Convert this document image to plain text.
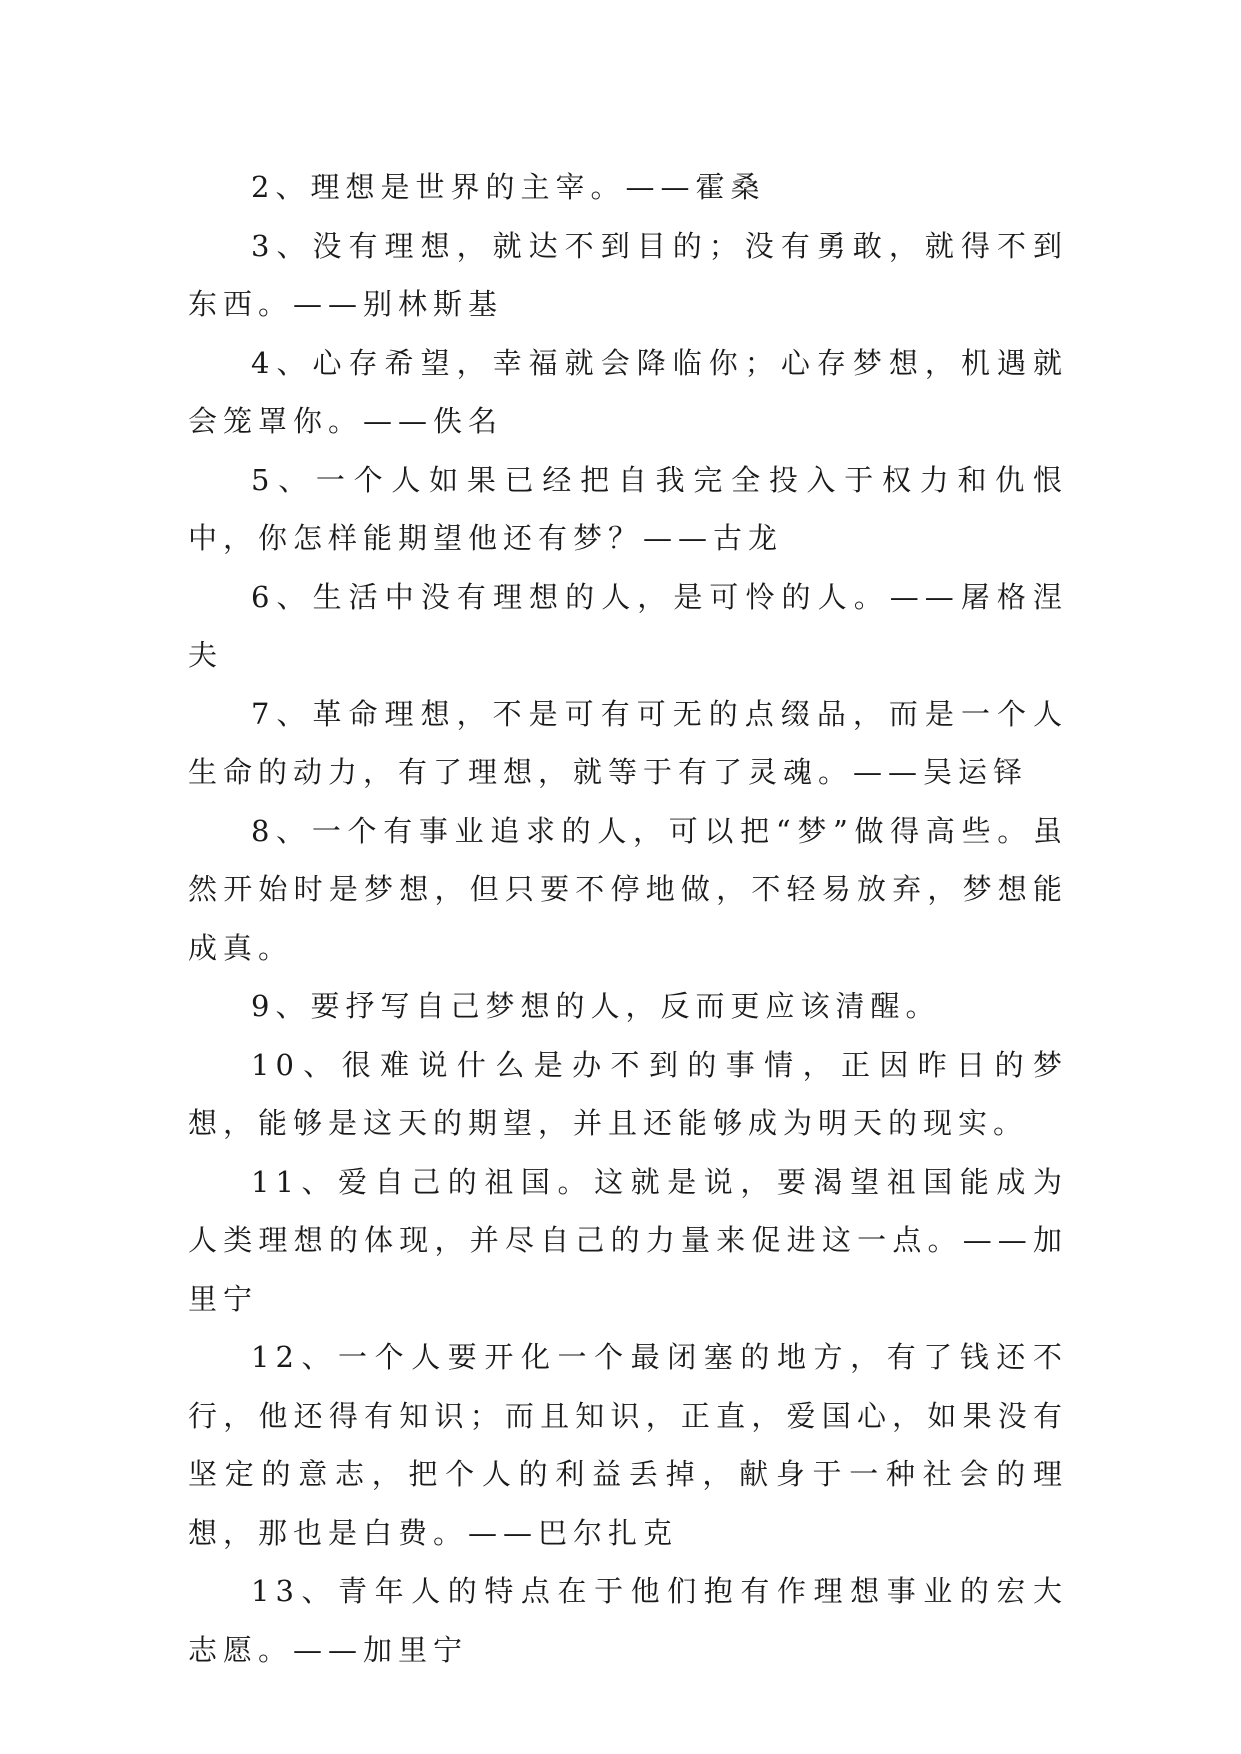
2、理想是世界的主宰。——霍桑

3、没有理想，就达不到目的；没有勇敢，就得不到东西。——别林斯基

4、心存希望，幸福就会降临你；心存梦想，机遇就会笼罩你。——佚名

5、一个人如果已经把自我完全投入于权力和仇恨中，你怎样能期望他还有梦？——古龙

6、生活中没有理想的人，是可怜的人。——屠格涅夫

7、革命理想，不是可有可无的点缀品，而是一个人生命的动力，有了理想，就等于有了灵魂。——吴运铎

8、一个有事业追求的人，可以把“梦”做得高些。虽然开始时是梦想，但只要不停地做，不轻易放弃，梦想能成真。

9、要抒写自己梦想的人，反而更应该清醒。

10、很难说什么是办不到的事情，正因昨日的梦想，能够是这天的期望，并且还能够成为明天的现实。

11、爱自己的祖国。这就是说，要渴望祖国能成为人类理想的体现，并尽自己的力量来促进这一点。——加里宁

12、一个人要开化一个最闭塞的地方，有了钱还不行，他还得有知识；而且知识，正直，爱国心，如果没有坚定的意志，把个人的利益丢掉，献身于一种社会的理想，那也是白费。——巴尔扎克

13、青年人的特点在于他们抱有作理想事业的宏大志愿。——加里宁
